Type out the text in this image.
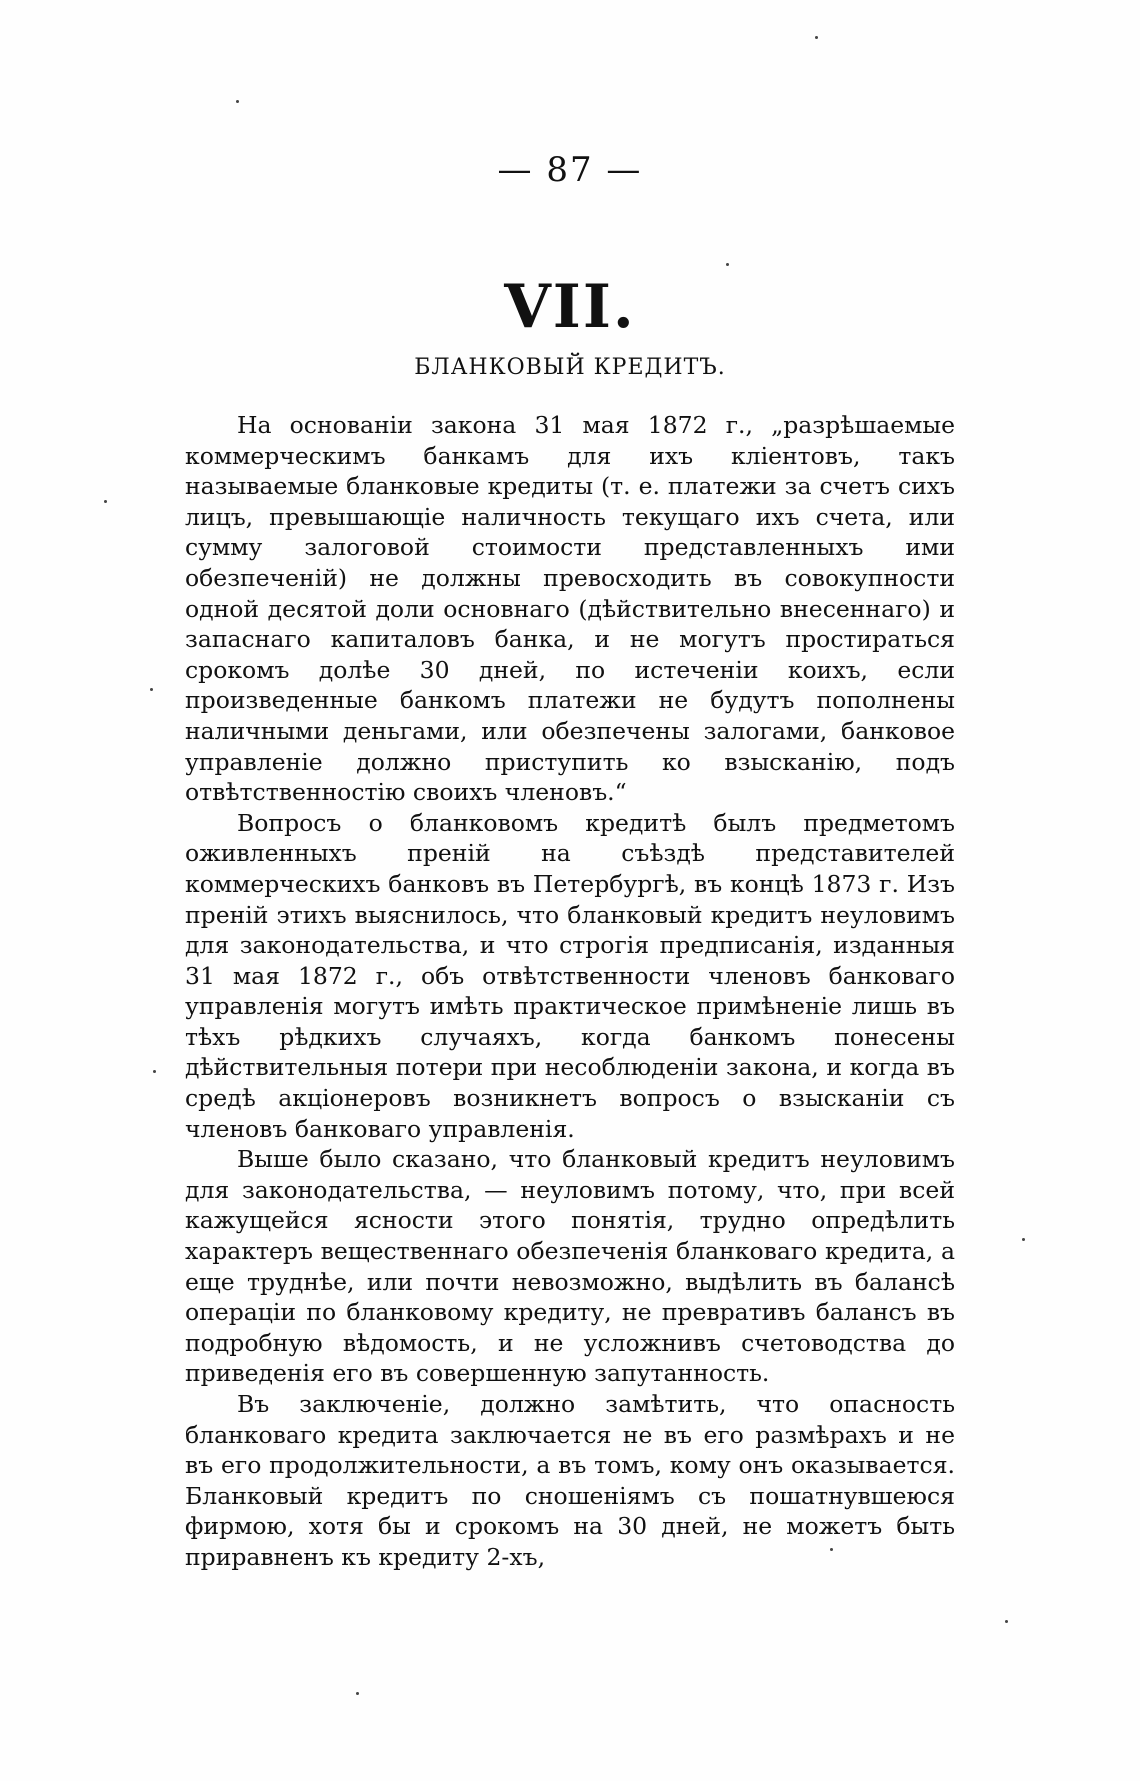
— 87 —
VII.
БЛАНКОВЫЙ КРЕДИТЪ.

На основаніи закона 31 мая 1872 г., „разрѣшаемые коммерческимъ банкамъ для ихъ кліентовъ, такъ называемые бланковые кредиты (т. е. платежи за счетъ сихъ лицъ, превышающіе наличность текущаго ихъ счета, или сумму залоговой стоимости представленныхъ ими обезпеченій) не должны превосходить въ совокупности одной десятой доли основнаго (дѣйствительно внесеннаго) и запаснаго капиталовъ банка, и не могутъ простираться срокомъ долѣе 30 дней, по истеченіи коихъ, если произведенные банкомъ платежи не будутъ пополнены наличными деньгами, или обезпечены залогами, банковое управленіе должно приступить ко взысканію, подъ отвѣтственностію своихъ членовъ.“

Вопросъ о бланковомъ кредитѣ былъ предметомъ оживленныхъ преній на съѣздѣ представителей коммерческихъ банковъ въ Петербургѣ, въ концѣ 1873 г. Изъ преній этихъ выяснилось, что бланковый кредитъ неуловимъ для законодательства, и что строгія предписанія, изданныя 31 мая 1872 г., объ отвѣтственности членовъ банковаго управленія могутъ имѣть практическое примѣненіе лишь въ тѣхъ рѣдкихъ случаяхъ, когда банкомъ понесены дѣйствительныя потери при несоблюденіи закона, и когда въ средѣ акціонеровъ возникнетъ вопросъ о взысканіи съ членовъ банковаго управленія.

Выше было сказано, что бланковый кредитъ неуловимъ для законодательства, — неуловимъ потому, что, при всей кажущейся ясности этого понятія, трудно опредѣлить характеръ вещественнаго обезпеченія бланковаго кредита, а еще труднѣе, или почти невозможно, выдѣлить въ балансѣ операціи по бланковому кредиту, не превративъ балансъ въ подробную вѣдомость, и не усложнивъ счетоводства до приведенія его въ совершенную запутанность.

Въ заключеніе, должно замѣтить, что опасность бланковаго кредита заключается не въ его размѣрахъ и не въ его продолжительности, а въ томъ, кому онъ оказывается. Бланковый кредитъ по сношеніямъ съ пошатнувшеюся фирмою, хотя бы и срокомъ на 30 дней, не можетъ быть приравненъ къ кредиту 2-хъ,
